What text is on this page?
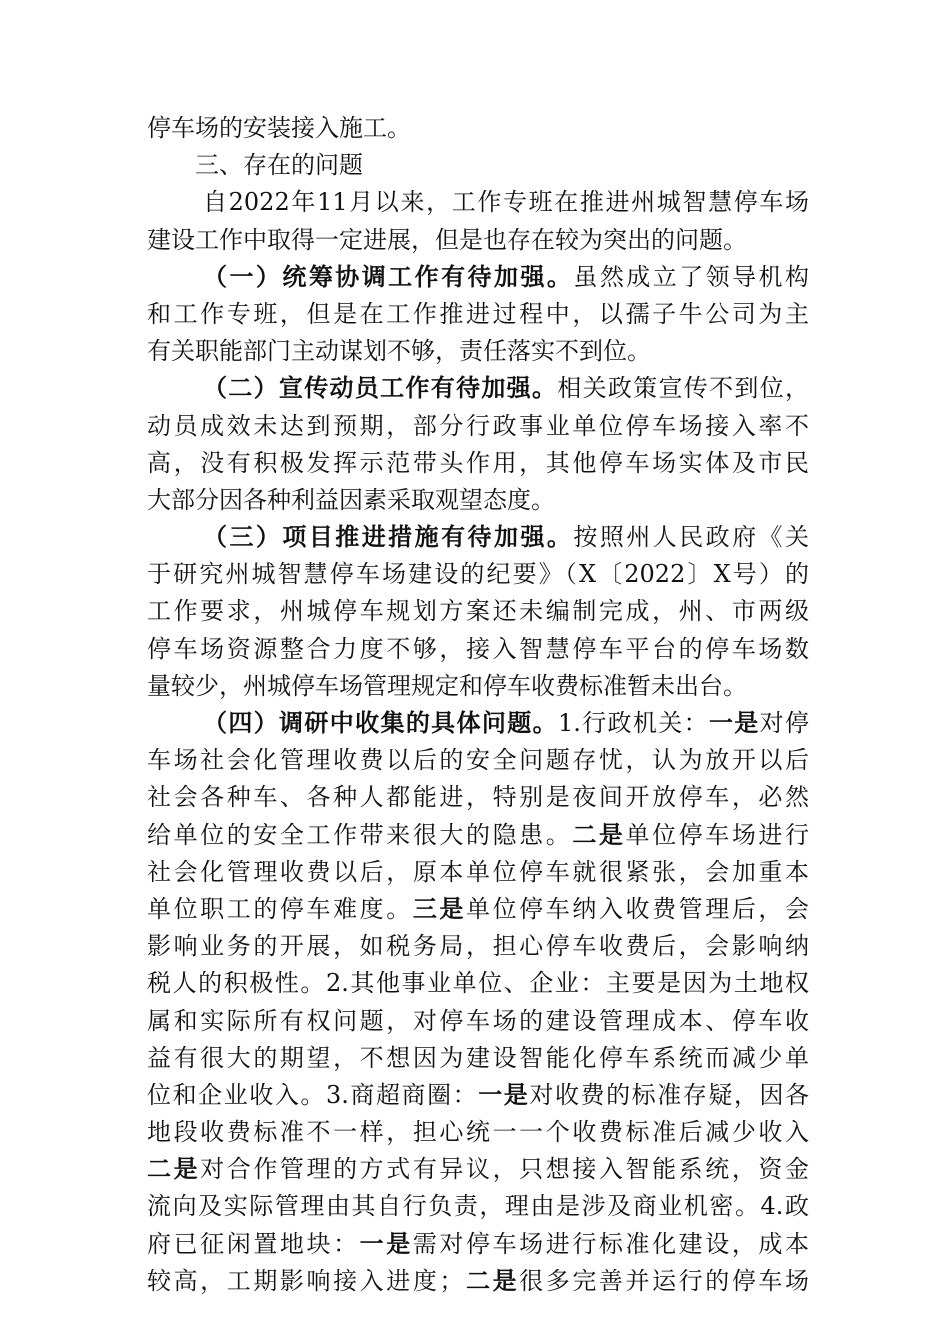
停车场的安装接入施工。
三、存在的问题
自2022年11月以来，工作专班在推进州城智慧停车场
建设工作中取得一定进展，但是也存在较为突出的问题。
（一）统筹协调工作有待加强。虽然成立了领导机构
和工作专班，但是在工作推进过程中，以孺子牛公司为主
有关职能部门主动谋划不够，责任落实不到位。
（二）宣传动员工作有待加强。相关政策宣传不到位，
动员成效未达到预期，部分行政事业单位停车场接入率不
高，没有积极发挥示范带头作用，其他停车场实体及市民
大部分因各种利益因素采取观望态度。
（三）项目推进措施有待加强。按照州人民政府《关
于研究州城智慧停车场建设的纪要》（X〔2022〕X号）的
工作要求，州城停车规划方案还未编制完成，州、市两级
停车场资源整合力度不够，接入智慧停车平台的停车场数
量较少，州城停车场管理规定和停车收费标准暂未出台。
（四）调研中收集的具体问题。1.行政机关：一是对停
车场社会化管理收费以后的安全问题存忧，认为放开以后
社会各种车、各种人都能进，特别是夜间开放停车，必然
给单位的安全工作带来很大的隐患。二是单位停车场进行
社会化管理收费以后，原本单位停车就很紧张，会加重本
单位职工的停车难度。三是单位停车纳入收费管理后，会
影响业务的开展，如税务局，担心停车收费后，会影响纳
税人的积极性。2.其他事业单位、企业：主要是因为土地权
属和实际所有权问题，对停车场的建设管理成本、停车收
益有很大的期望，不想因为建设智能化停车系统而减少单
位和企业收入。3.商超商圈：一是对收费的标准存疑，因各
地段收费标准不一样，担心统一一个收费标准后减少收入
二是对合作管理的方式有异议，只想接入智能系统，资金
流向及实际管理由其自行负责，理由是涉及商业机密。4.政
府已征闲置地块：一是需对停车场进行标准化建设，成本
较高，工期影响接入进度；二是很多完善并运行的停车场
